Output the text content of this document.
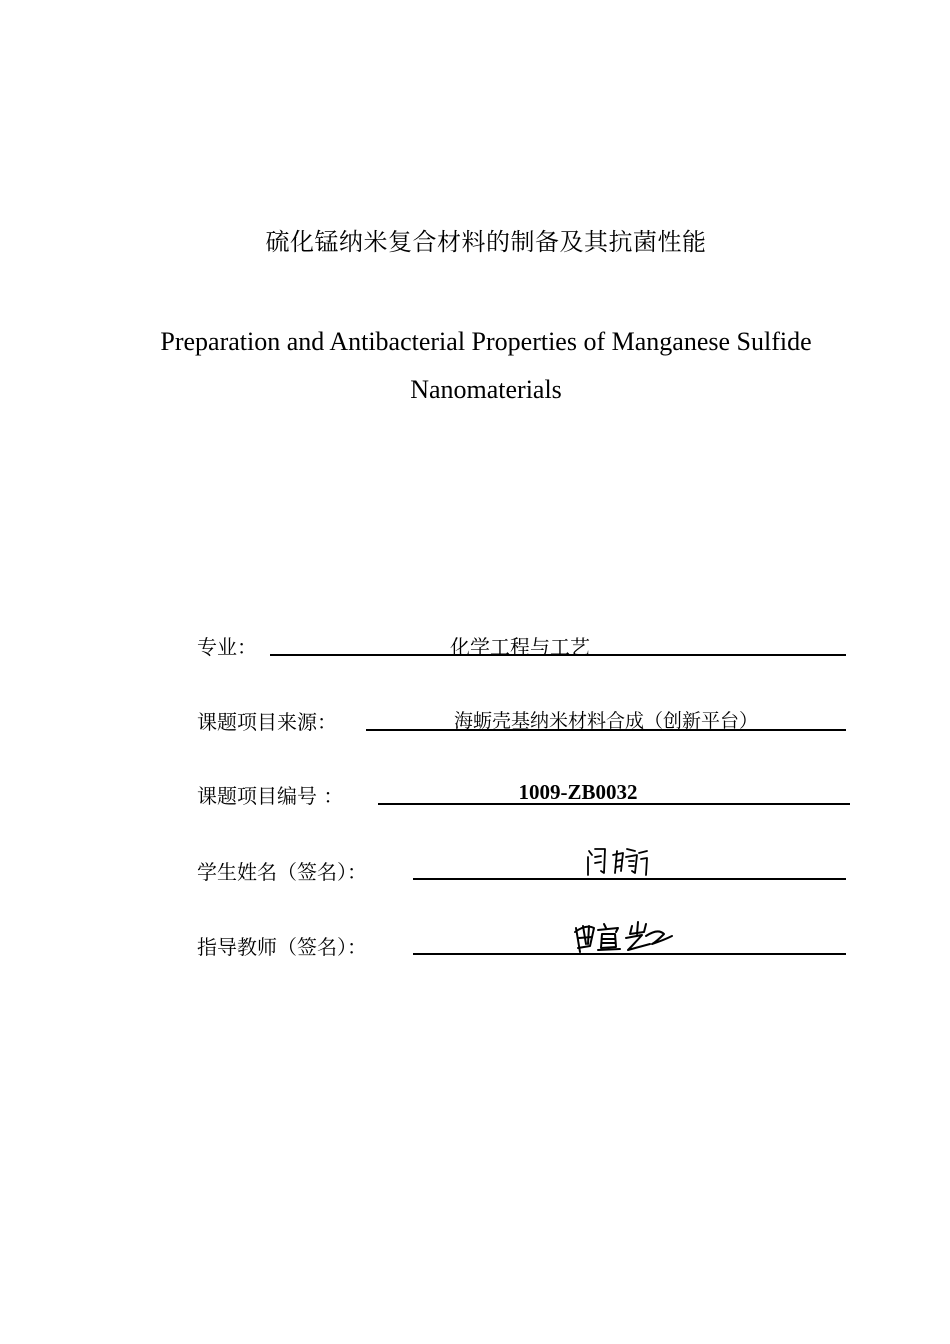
硫化锰纳米复合材料的制备及其抗菌性能
Preparation and Antibacterial Properties of Manganese Sulfide Nanomaterials
专业：	化学工程与工艺
课题项目来源：	海蛎壳基纳米材料合成（创新平台）
课题项目编号 ：	1009-ZB0032
学生姓名（签名）：
指导教师（签名）：
